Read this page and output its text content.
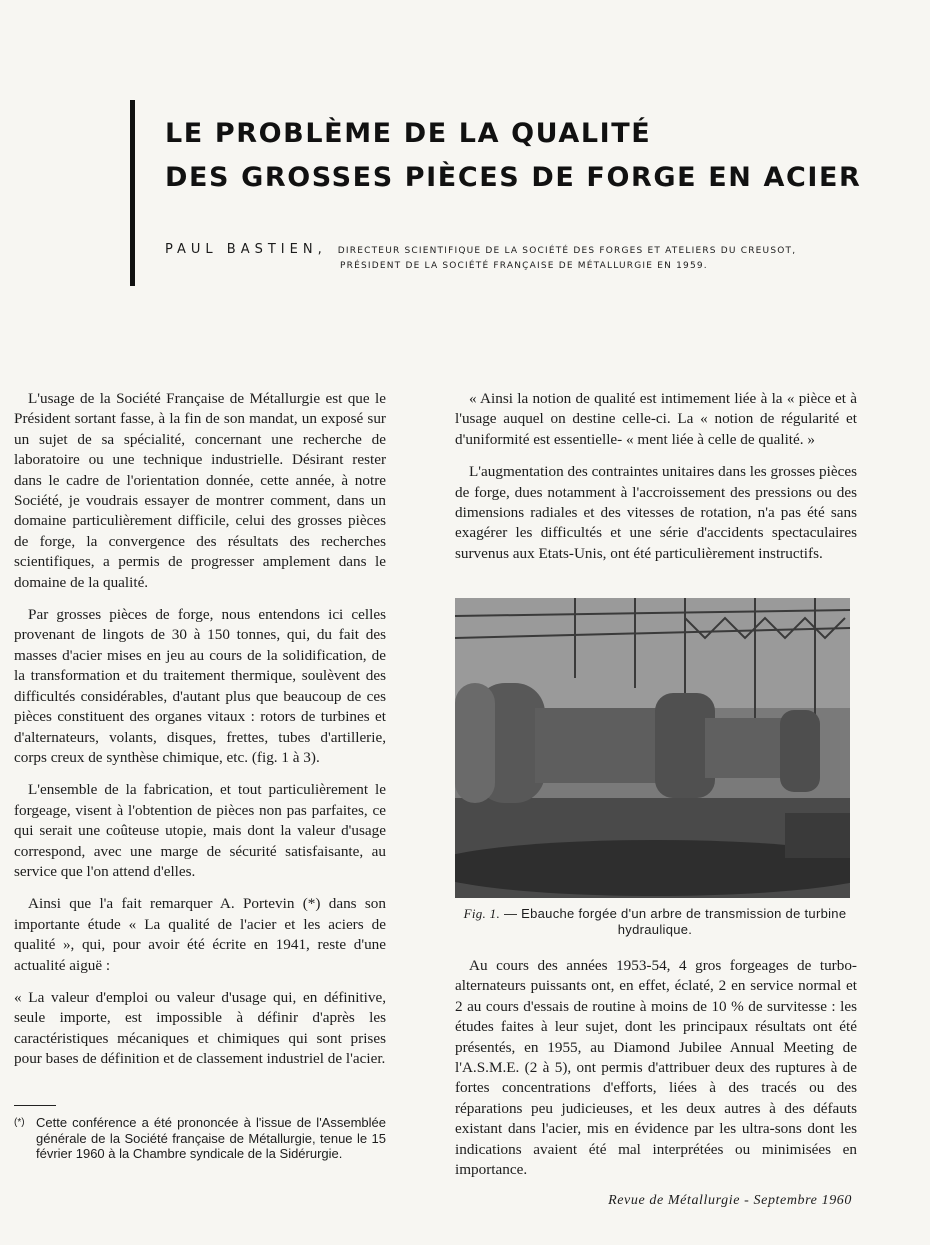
LE PROBLÈME DE LA QUALITÉ
DES GROSSES PIÈCES DE FORGE EN ACIER
PAUL BASTIEN, DIRECTEUR SCIENTIFIQUE DE LA SOCIÉTÉ DES FORGES ET ATELIERS DU CREUSOT,
PRÉSIDENT DE LA SOCIÉTÉ FRANÇAISE DE MÉTALLURGIE EN 1959.

L'usage de la Société Française de Métallurgie est que le Président sortant fasse, à la fin de son mandat, un exposé sur un sujet de sa spécialité, concernant une recherche de laboratoire ou une technique industrielle. Désirant rester dans le cadre de l'orientation donnée, cette année, à notre Société, je voudrais essayer de montrer comment, dans un domaine particulièrement difficile, celui des grosses pièces de forge, la convergence des résultats des recherches scientifiques, a permis de progresser amplement dans le domaine de la qualité.

Par grosses pièces de forge, nous entendons ici celles provenant de lingots de 30 à 150 tonnes, qui, du fait des masses d'acier mises en jeu au cours de la solidification, de la transformation et du traitement thermique, soulèvent des difficultés considérables, d'autant plus que beaucoup de ces pièces constituent des organes vitaux : rotors de turbines et d'alternateurs, volants, disques, frettes, tubes d'artillerie, corps creux de synthèse chimique, etc. (fig. 1 à 3).

L'ensemble de la fabrication, et tout particulièrement le forgeage, visent à l'obtention de pièces non pas parfaites, ce qui serait une coûteuse utopie, mais dont la valeur d'usage correspond, avec une marge de sécurité satisfaisante, au service que l'on attend d'elles.

Ainsi que l'a fait remarquer A. Portevin (*) dans son importante étude « La qualité de l'acier et les aciers de qualité », qui, pour avoir été écrite en 1941, reste d'une actualité aiguë :

« La valeur d'emploi ou valeur d'usage qui, en définitive, seule importe, est impossible à définir d'après les caractéristiques mécaniques et chimiques qui sont prises pour bases de définition et de classement industriel de l'acier.

« Ainsi la notion de qualité est intimement liée à la « pièce et à l'usage auquel on destine celle-ci. La « notion de régularité et d'uniformité est essentielle- « ment liée à celle de qualité. »

L'augmentation des contraintes unitaires dans les grosses pièces de forge, dues notamment à l'accroissement des pressions ou des dimensions radiales et des vitesses de rotation, n'a pas été sans exagérer les difficultés et une série d'accidents spectaculaires survenus aux Etats-Unis, ont été particulièrement instructifs.

Fig. 1. — Ebauche forgée d'un arbre de transmission de turbine hydraulique.

Au cours des années 1953-54, 4 gros forgeages de turbo-alternateurs puissants ont, en effet, éclaté, 2 en service normal et 2 au cours d'essais de routine à moins de 10 % de survitesse : les études faites à leur sujet, dont les principaux résultats ont été présentés, en 1955, au Diamond Jubilee Annual Meeting de l'A.S.M.E. (2 à 5), ont permis d'attribuer deux des ruptures à de fortes concentrations d'efforts, liées à des tracés ou des réparations peu judicieuses, et les deux autres à des défauts existant dans l'acier, mis en évidence par les ultra-sons dont les indications avaient été mal interprétées ou minimisées en importance.

(*) Cette conférence a été prononcée à l'issue de l'Assemblée générale de la Société française de Métallurgie, tenue le 15 février 1960 à la Chambre syndicale de la Sidérurgie.
Revue de Métallurgie - Septembre 1960
